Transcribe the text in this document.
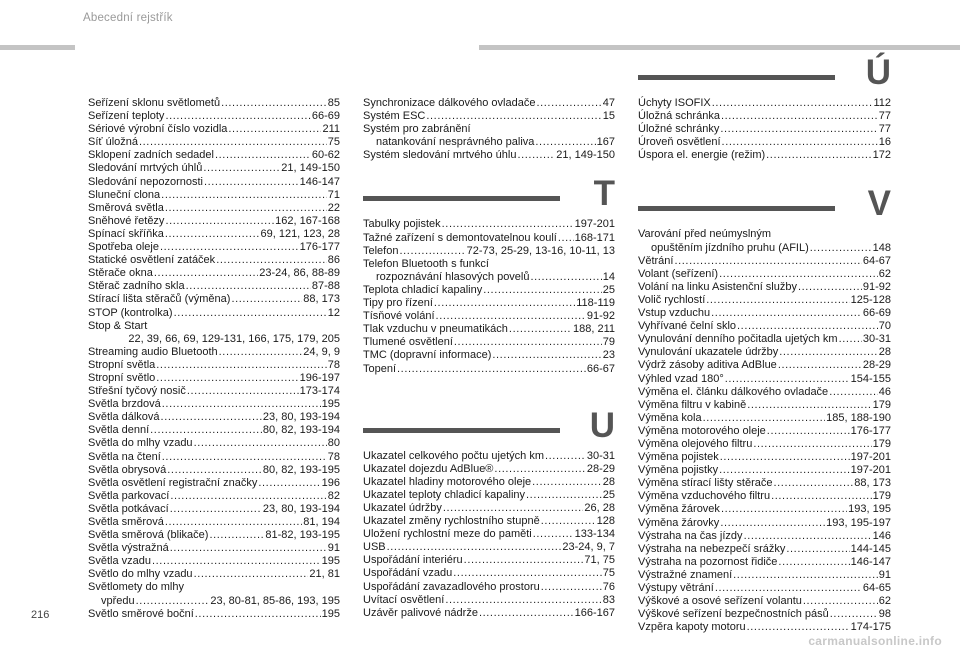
Abecední rejstřík
Seřízení sklonu světlometů .....	85
Seřízení teploty .....	66-69
Sériové výrobní číslo vozidla .....	211
Síť úložná .....	75
Sklopení zadních sedadel .....	60-62
Sledování mrtvých úhlů .....	21, 149-150
Sledování nepozornosti .....	146-147
Sluneční clona .....	71
Směrová světla .....	22
Sněhové řetězy .....	162, 167-168
Spínací skříňka .....	69, 121, 123, 28
Spotřeba oleje .....	176-177
Statické osvětlení zatáček .....	86
Stěrače okna .....	23-24, 86, 88-89
Stěrač zadního skla .....	87-88
Stírací lišta stěračů (výměna) .....	88, 173
STOP (kontrolka) .....	12
Stop & Start
22, 39, 66, 69, 129-131, 166, 175, 179, 205
Streaming audio Bluetooth .....	24, 9, 9
Stropní světla .....	78
Stropní světlo .....	196-197
Střešní tyčový nosič .....	173-174
Světla brzdová .....	195
Světla dálková .....	23, 80, 193-194
Světla denní .....	80, 82, 193-194
Světla do mlhy vzadu .....	80
Světla na čtení .....	78
Světla obrysová .....	80, 82, 193-195
Světla osvětlení registrační značky .....	196
Světla parkovací .....	82
Světla potkávací .....	23, 80, 193-194
Světla směrová .....	81, 194
Světla směrová (blikače) .....	81-82, 193-195
Světla výstražná .....	91
Světla vzadu .....	195
Světlo do mlhy vzadu .....	21, 81
Světlomety do mlhy
vpředu .....	23, 80-81, 85-86, 193, 195
Světlo směrové boční .....	195
Synchronizace dálkového ovladače .....	47
Systém ESC .....	15
Systém pro zabránění
natankování nesprávného paliva .....	167
Systém sledování mrtvého úhlu .....	21, 149-150
T
Tabulky pojistek .....	197-201
Tažné zařízení s demontovatelnou koulí ..... 168-171
Telefon .....	72-73, 25-29, 13-16, 10-11, 13
Telefon Bluetooth s funkcí
rozpoznávání hlasových povelů .....	14
Teplota chladicí kapaliny .....	25
Tipy pro řízení .....	118-119
Tísňové volání .....	91-92
Tlak vzduchu v pneumatikách .....	188, 211
Tlumené osvětlení .....	79
TMC (dopravní informace) .....	23
Topení .....	66-67
U
Ukazatel celkového počtu ujetých km .....	30-31
Ukazatel dojezdu AdBlue® .....	28-29
Ukazatel hladiny motorového oleje .....	28
Ukazatel teploty chladicí kapaliny .....	25
Ukazatel údržby .....	26, 28
Ukazatel změny rychlostního stupně .....	128
Uložení rychlostní meze do paměti .....	133-134
USB .....	23-24, 9, 7
Uspořádání interiéru .....	71, 75
Uspořádání vzadu .....	75
Uspořádání zavazadlového prostoru .....	76
Uvítací osvětlení .....	83
Uzávěr palivové nádrže .....	166-167
Ú
Úchyty ISOFIX .....	112
Úložná schránka .....	77
Úložné schránky .....	77
Úroveň osvětlení .....	16
Úspora el. energie (režim) .....	172
V
Varování před neúmyslným
opuštěním jízdního pruhu (AFIL) .....	148
Větrání .....	64-67
Volant (seřízení) .....	62
Volání na linku Asistenční služby .....	91-92
Volič rychlostí .....	125-128
Vstup vzduchu .....	66-69
Vyhřívané čelní sklo .....	70
Vynulování denního počitadla ujetých km ..... 30-31
Vynulování ukazatele údržby .....	28
Výdrž zásoby aditiva AdBlue .....	28-29
Výhled vzad 180° .....	154-155
Výměna el. článku dálkového ovladače .....	46
Výměna filtru v kabině .....	179
Výměna kola .....	185, 188-190
Výměna motorového oleje .....	176-177
Výměna olejového filtru .....	179
Výměna pojistek .....	197-201
Výměna pojistky .....	197-201
Výměna stírací lišty stěrače .....	88, 173
Výměna vzduchového filtru .....	179
Výměna žárovek .....	193, 195
Výměna žárovky .....	193, 195-197
Výstraha na čas jízdy .....	146
Výstraha na nebezpečí srážky .....	144-145
Výstraha na pozornost řidiče .....	146-147
Výstražné znamení .....	91
Výstupy větrání .....	64-65
Výškové a osové seřízení volantu .....	62
Výškové seřízení bezpečnostních pásů .....	98
Vzpěra kapoty motoru .....	174-175
216
carmanualsonline.info
